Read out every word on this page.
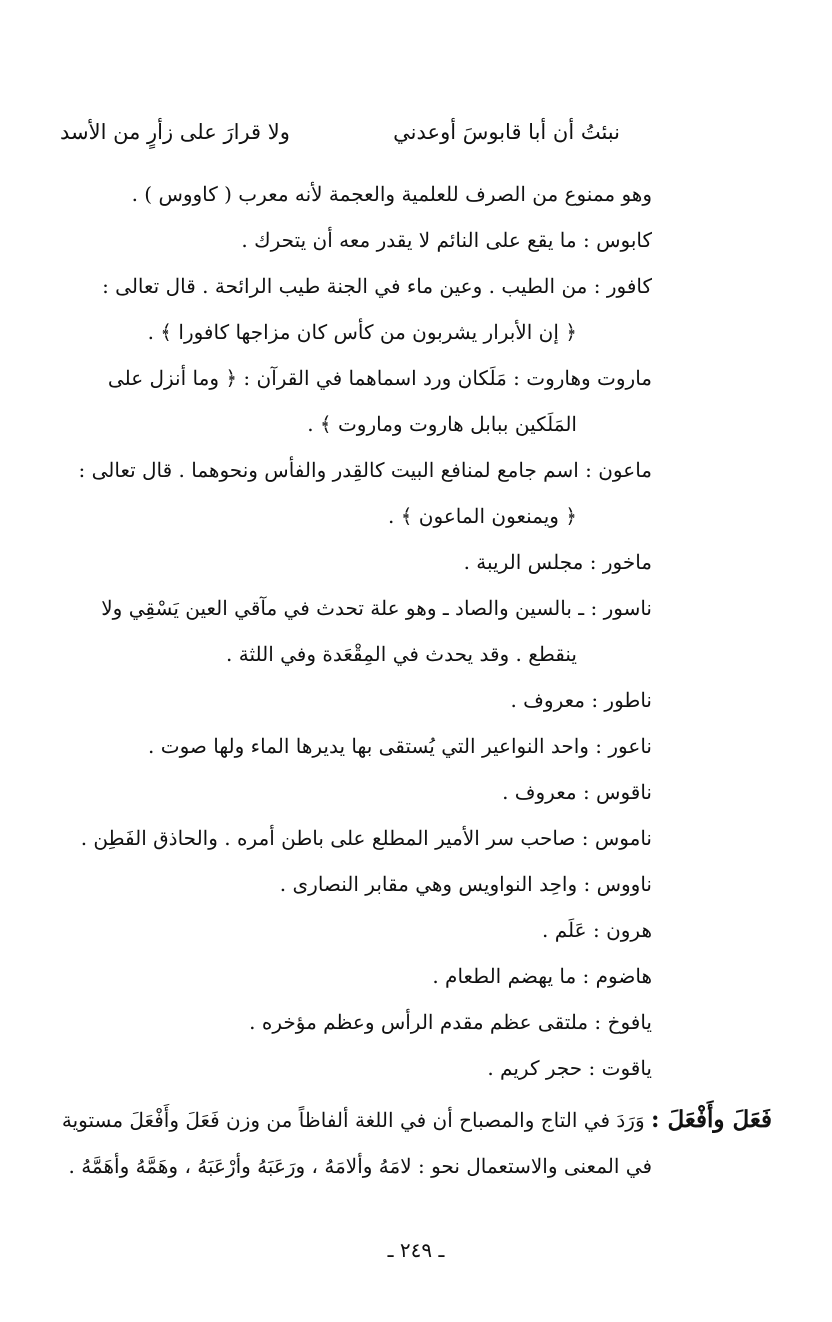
نبئتُ أن أبا قابوسَ أوعدني
ولا قرارَ على زأرٍ من الأسد
وهو ممنوع من الصرف للعلمية والعجمة لأنه معرب ( كاووس ) .
كابوس : ما يقع على النائم لا يقدر معه أن يتحرك .
كافور : من الطيب . وعين ماء في الجنة طيب الرائحة . قال تعالى :
﴿ إن الأبرار يشربون من كأس كان مزاجها كافورا ﴾ .
ماروت وهاروت : مَلَكان ورد اسماهما في القرآن : ﴿ وما أنزل على
المَلَكين ببابل هاروت وماروت ﴾ .
ماعون : اسم جامع لمنافع البيت كالقِدر والفأس ونحوهما . قال تعالى :
﴿ ويمنعون الماعون ﴾ .
ماخور : مجلس الريبة .
ناسور : ـ بالسين والصاد ـ وهو علة تحدث في مآقي العين يَسْقِي ولا
ينقطع . وقد يحدث في المِقْعَدة وفي اللثة .
ناطور : معروف .
ناعور : واحد النواعير التي يُستقى بها يديرها الماء ولها صوت .
ناقوس : معروف .
ناموس : صاحب سر الأمير المطلع على باطن أمره . والحاذق الفَطِن .
ناووس : واحِد النواويس وهي مقابر النصارى .
هرون : عَلَم .
هاضوم : ما يهضم الطعام .
يافوخ : ملتقى عظم مقدم الرأس وعظم مؤخره .
ياقوت : حجر كريم .
فَعَلَ وأَفْعَلَ : وَرَدَ في التاج والمصباح أن في اللغة ألفاظاً من وزن فَعَلَ وأَفْعَلَ مستوية
في المعنى والاستعمال نحو : لامَهُ وألامَهُ ، ورَعَبَهُ وأرْعَبَهُ ، وهَمَّهُ وأهَمَّهُ .
ـ ٢٤٩ ـ
